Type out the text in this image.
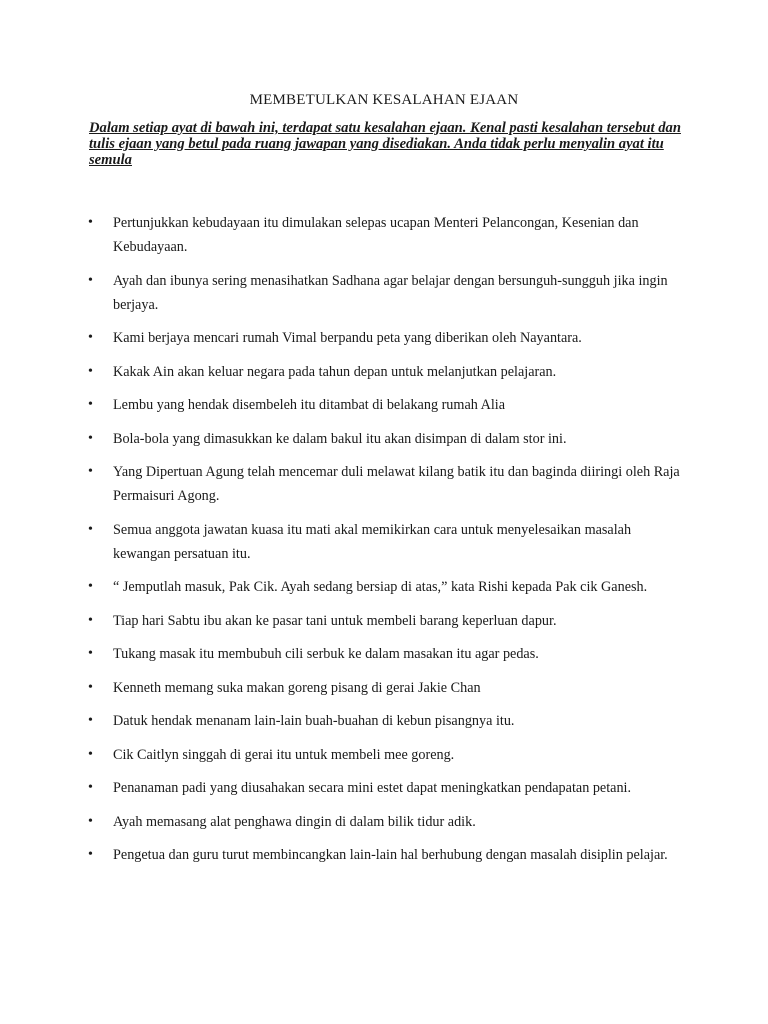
MEMBETULKAN KESALAHAN EJAAN

Dalam setiap ayat di bawah ini, terdapat satu kesalahan ejaan. Kenal pasti kesalahan tersebut dan tulis ejaan yang betul pada ruang jawapan yang disediakan. Anda tidak perlu menyalin ayat itu semula

• Pertunjukkan kebudayaan itu dimulakan selepas ucapan Menteri Pelancongan, Kesenian dan Kebudayaan.
• Ayah dan ibunya sering menasihatkan Sadhana agar belajar dengan bersunguh-sungguh jika ingin berjaya.
• Kami berjaya mencari rumah Vimal berpandu peta yang diberikan oleh Nayantara.
• Kakak Ain akan keluar negara pada tahun depan untuk melanjutkan pelajaran.
• Lembu yang hendak disembeleh itu ditambat di belakang rumah Alia
• Bola-bola yang dimasukkan ke dalam bakul itu akan disimpan di dalam stor ini.
• Yang Dipertuan Agung telah mencemar duli melawat kilang batik itu dan baginda diiringi oleh Raja Permaisuri Agong.
• Semua anggota jawatan kuasa itu mati akal memikirkan cara untuk menyelesaikan masalah kewangan persatuan itu.
• “ Jemputlah masuk, Pak Cik. Ayah sedang bersiap di atas,” kata Rishi kepada Pak cik Ganesh.
• Tiap hari Sabtu ibu akan ke pasar tani untuk membeli barang keperluan dapur.
• Tukang masak itu membubuh cili serbuk ke dalam masakan itu agar pedas.
• Kenneth memang suka makan goreng pisang di gerai Jakie Chan
• Datuk hendak menanam lain-lain buah-buahan di kebun pisangnya itu.
• Cik Caitlyn singgah di gerai itu untuk membeli mee goreng.
• Penanaman padi yang diusahakan secara mini estet dapat meningkatkan pendapatan petani.
• Ayah memasang alat penghawa dingin di dalam bilik tidur adik.
• Pengetua dan guru turut membincangkan lain-lain hal berhubung dengan masalah disiplin pelajar.
